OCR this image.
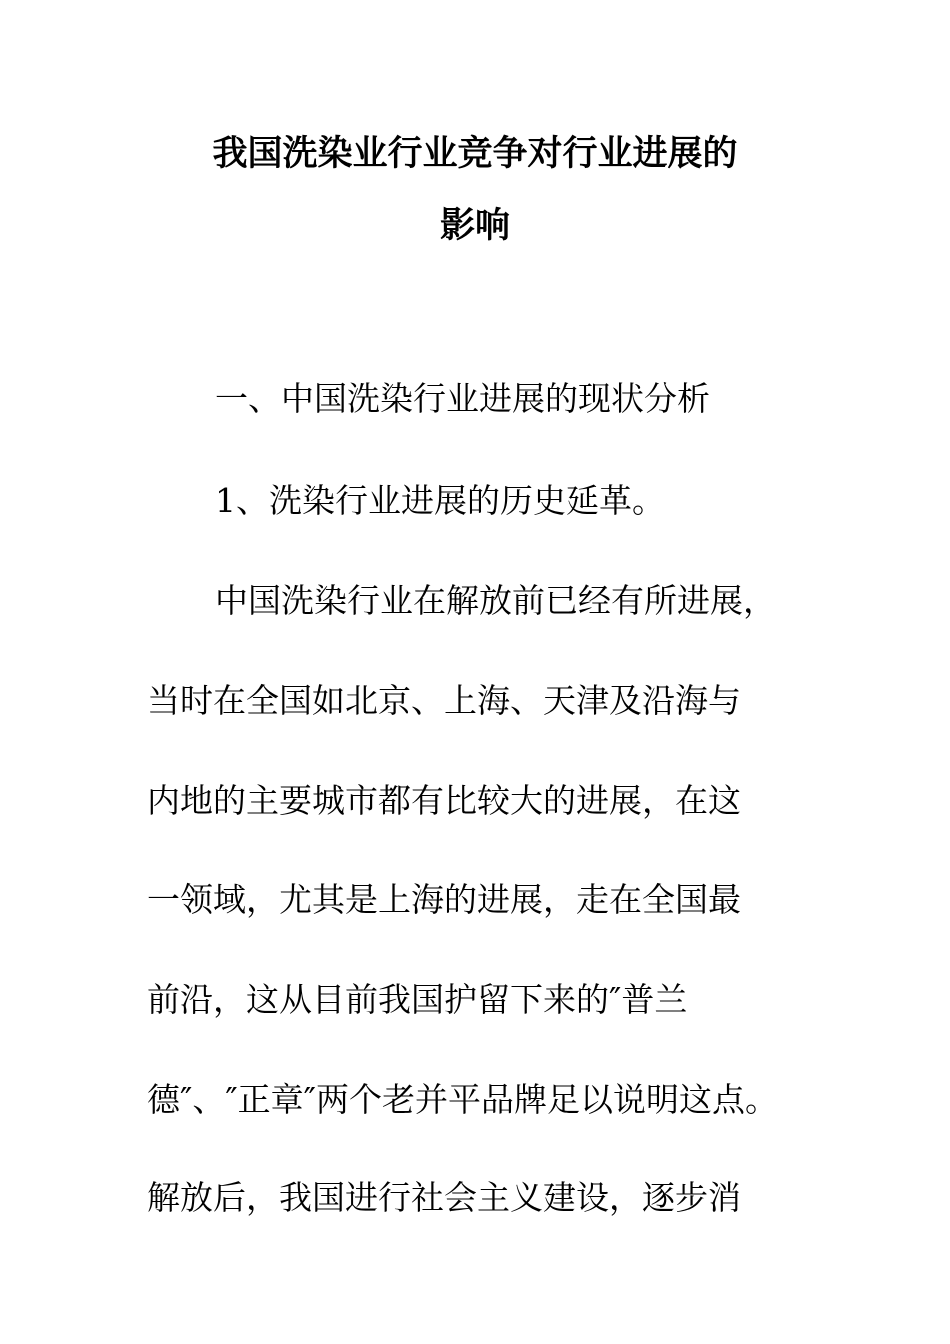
我国洗染业行业竞争对行业进展的
影响
一、中国洗染行业进展的现状分析
1、洗染行业进展的历史延革。
中国洗染行业在解放前已经有所进展，
当时在全国如北京、上海、天津及沿海与
内地的主要城市都有比较大的进展，在这
一领域，尤其是上海的进展，走在全国最
前沿，这从目前我国护留下来的″普兰
德″、″正章″两个老并平品牌足以说明这点。
解放后，我国进行社会主义建设，逐步消
